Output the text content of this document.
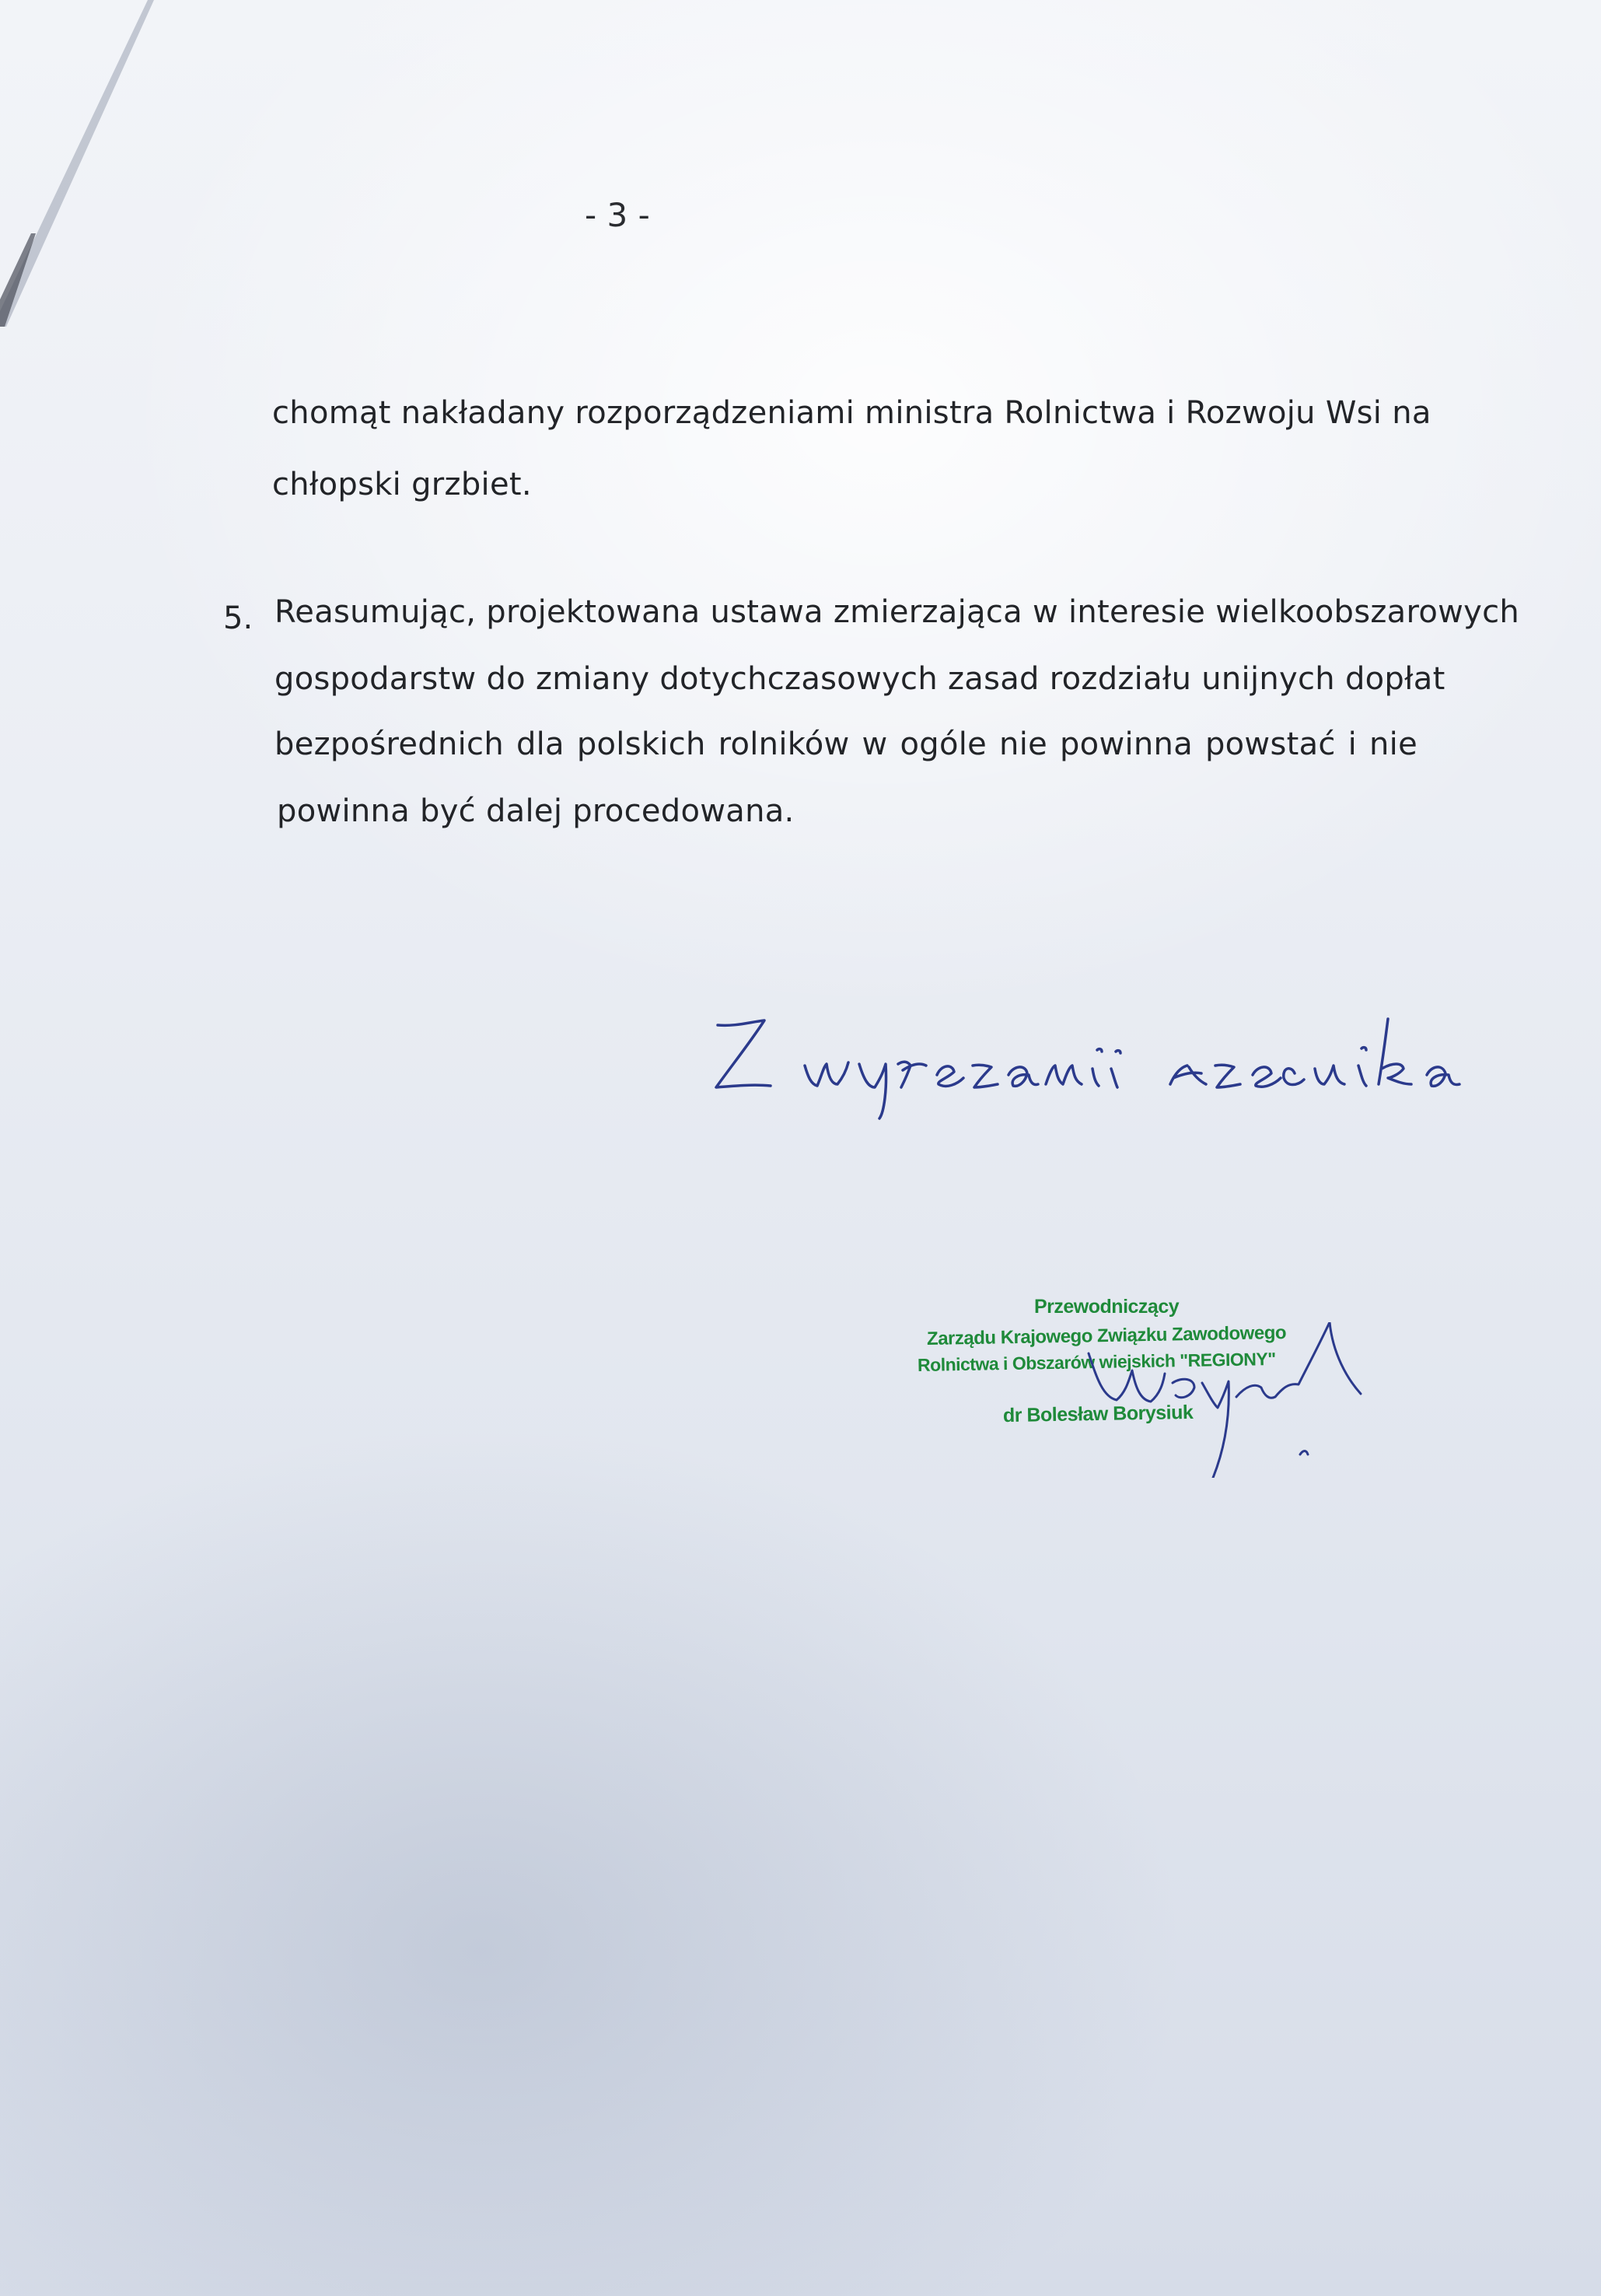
- 3 -
chomąt nakładany rozporządzeniami ministra Rolnictwa i Rozwoju Wsi na
chłopski grzbiet.
5. Reasumując, projektowana ustawa zmierzająca w interesie wielkoobszarowych
gospodarstw do zmiany dotychczasowych zasad rozdziału unijnych dopłat
bezpośrednich dla polskich rolników w ogóle nie powinna powstać i nie
powinna być dalej procedowana.
Przewodniczący
Zarządu Krajowego Związku Zawodowego
Rolnictwa i Obszarów wiejskich "REGIONY"
dr Bolesław Borysiuk
